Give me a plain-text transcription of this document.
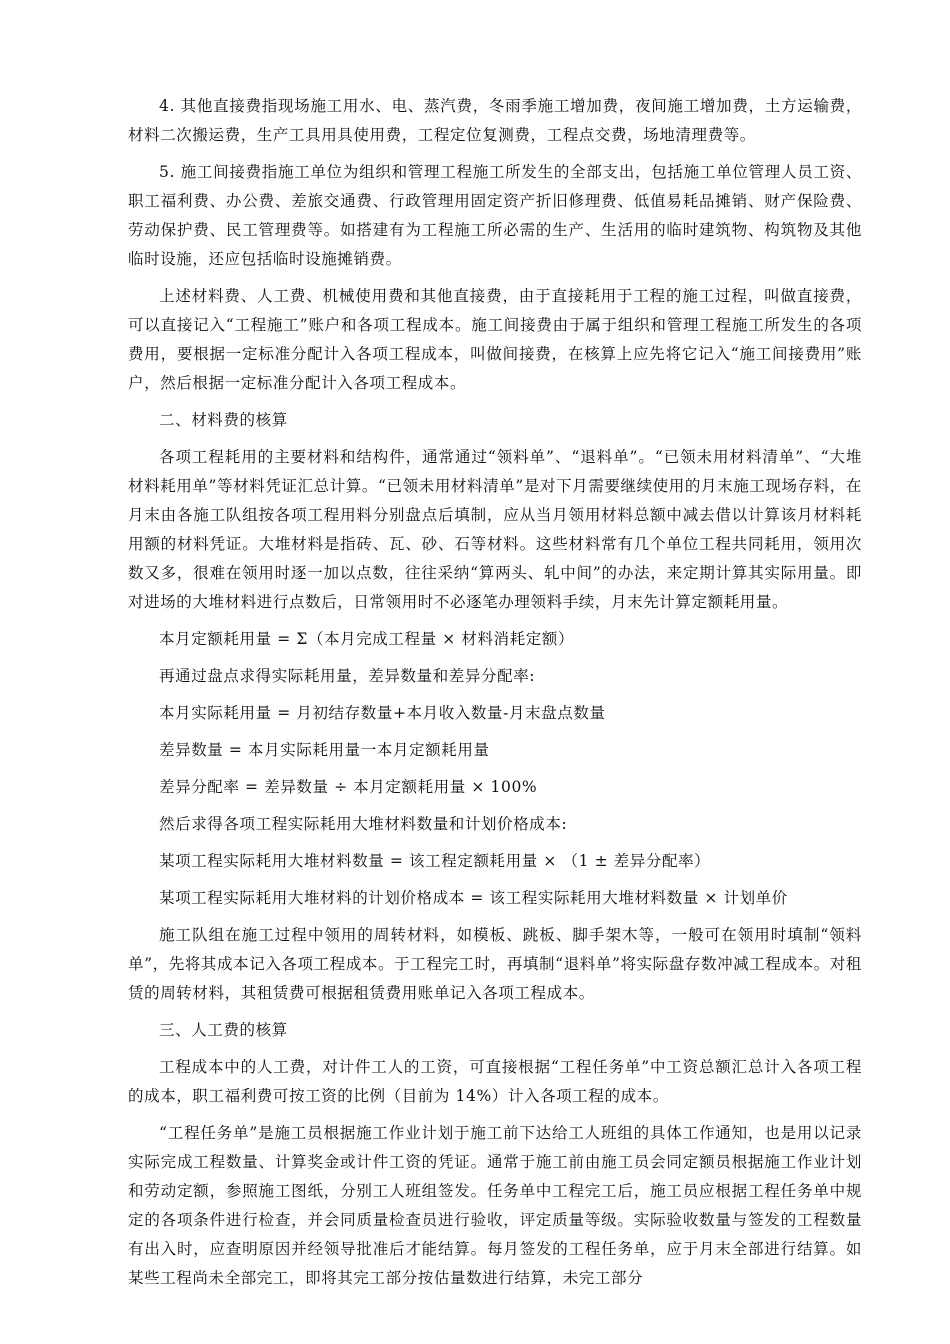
4. 其他直接费指现场施工用水、电、蒸汽费，冬雨季施工增加费，夜间施工增加费，土方运输费，材料二次搬运费，生产工具用具使用费，工程定位复测费，工程点交费，场地清理费等。

5. 施工间接费指施工单位为组织和管理工程施工所发生的全部支出，包括施工单位管理人员工资、职工福利费、办公费、差旅交通费、行政管理用固定资产折旧修理费、低值易耗品摊销、财产保险费、劳动保护费、民工管理费等。如搭建有为工程施工所必需的生产、生活用的临时建筑物、构筑物及其他临时设施，还应包括临时设施摊销费。

上述材料费、人工费、机械使用费和其他直接费，由于直接耗用于工程的施工过程，叫做直接费，可以直接记入“工程施工”账户和各项工程成本。施工间接费由于属于组织和管理工程施工所发生的各项费用，要根据一定标准分配计入各项工程成本，叫做间接费，在核算上应先将它记入“施工间接费用”账户，然后根据一定标准分配计入各项工程成本。

二、材料费的核算

各项工程耗用的主要材料和结构件，通常通过“领料单”、“退料单”。“已领未用材料清单”、“大堆材料耗用单”等材料凭证汇总计算。“已领未用材料清单”是对下月需要继续使用的月末施工现场存料，在月末由各施工队组按各项工程用料分别盘点后填制，应从当月领用材料总额中减去借以计算该月材料耗用额的材料凭证。大堆材料是指砖、瓦、砂、石等材料。这些材料常有几个单位工程共同耗用，领用次数又多，很难在领用时逐一加以点数，往往采纳“算两头、轧中间”的办法，来定期计算其实际用量。即对进场的大堆材料进行点数后，日常领用时不必逐笔办理领料手续，月末先计算定额耗用量。

本月定额耗用量 = Σ（本月完成工程量 × 材料消耗定额）

再通过盘点求得实际耗用量，差异数量和差异分配率:

本月实际耗用量 = 月初结存数量+本月收入数量-月末盘点数量

差异数量 = 本月实际耗用量一本月定额耗用量

差异分配率 = 差异数量 ÷ 本月定额耗用量 × 100%

然后求得各项工程实际耗用大堆材料数量和计划价格成本:

某项工程实际耗用大堆材料数量 = 该工程定额耗用量 × （1 ± 差异分配率）

某项工程实际耗用大堆材料的计划价格成本 = 该工程实际耗用大堆材料数量 × 计划单价

施工队组在施工过程中领用的周转材料，如模板、跳板、脚手架木等，一般可在领用时填制“领料单”，先将其成本记入各项工程成本。于工程完工时，再填制“退料单”将实际盘存数冲减工程成本。对租赁的周转材料，其租赁费可根据租赁费用账单记入各项工程成本。

三、人工费的核算

工程成本中的人工费，对计件工人的工资，可直接根据“工程任务单”中工资总额汇总计入各项工程的成本，职工福利费可按工资的比例（目前为 14%）计入各项工程的成本。

“工程任务单”是施工员根据施工作业计划于施工前下达给工人班组的具体工作通知，也是用以记录实际完成工程数量、计算奖金或计件工资的凭证。通常于施工前由施工员会同定额员根据施工作业计划和劳动定额，参照施工图纸，分别工人班组签发。任务单中工程完工后，施工员应根据工程任务单中规定的各项条件进行检查，并会同质量检查员进行验收，评定质量等级。实际验收数量与签发的工程数量有出入时，应查明原因并经领导批准后才能结算。每月签发的工程任务单，应于月末全部进行结算。如某些工程尚未全部完工，即将其完工部分按估量数进行结算，未完工部分
